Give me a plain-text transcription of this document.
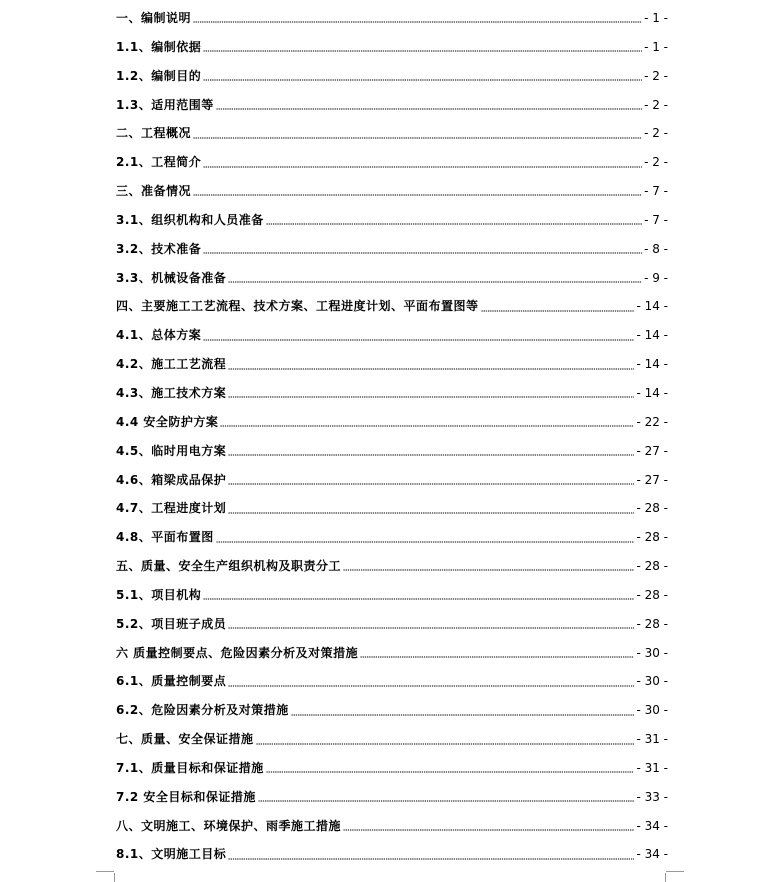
一、编制说明	- 1 -
1.1、编制依据	- 1 -
1.2、编制目的	- 2 -
1.3、适用范围等	- 2 -
二、工程概况	- 2 -
2.1、工程简介	- 2 -
三、准备情况	- 7 -
3.1、组织机构和人员准备	- 7 -
3.2、技术准备	- 8 -
3.3、机械设备准备	- 9 -
四、主要施工工艺流程、技术方案、工程进度计划、平面布置图等	- 14 -
4.1、总体方案	- 14 -
4.2、施工工艺流程	- 14 -
4.3、施工技术方案	- 14 -
4.4 安全防护方案	- 22 -
4.5、临时用电方案	- 27 -
4.6、箱梁成品保护	- 27 -
4.7、工程进度计划	- 28 -
4.8、平面布置图	- 28 -
五、质量、安全生产组织机构及职责分工	- 28 -
5.1、项目机构	- 28 -
5.2、项目班子成员	- 28 -
六 质量控制要点、危险因素分析及对策措施	- 30 -
6.1、质量控制要点	- 30 -
6.2、危险因素分析及对策措施	- 30 -
七、质量、安全保证措施	- 31 -
7.1、质量目标和保证措施	- 31 -
7.2 安全目标和保证措施	- 33 -
八、文明施工、环境保护、雨季施工措施	- 34 -
8.1、文明施工目标	- 34 -
